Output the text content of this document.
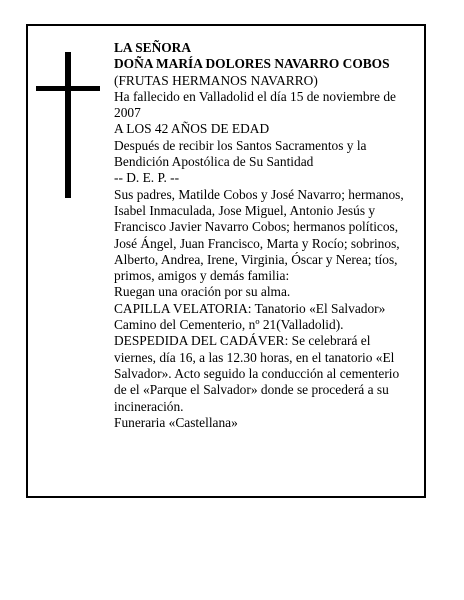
LA SEÑORA
DOÑA MARÍA DOLORES NAVARRO COBOS
(FRUTAS HERMANOS NAVARRO)
Ha fallecido en Valladolid el día 15 de noviembre de 2007
A LOS 42 AÑOS DE EDAD
Después de recibir los Santos Sacramentos y la Bendición Apostólica de Su Santidad
-- D. E. P. --
Sus padres, Matilde Cobos y José Navarro; hermanos, Isabel Inmaculada, Jose Miguel, Antonio Jesús y Francisco Javier Navarro Cobos; hermanos políticos, José Ángel, Juan Francisco, Marta y Rocío; sobrinos, Alberto, Andrea, Irene, Virginia, Óscar y Nerea; tíos, primos, amigos y demás familia:
Ruegan una oración por su alma.
CAPILLA VELATORIA: Tanatorio «El Salvador»
Camino del Cementerio, nº 21(Valladolid).
DESPEDIDA DEL CADÁVER: Se celebrará el viernes, día 16, a las 12.30 horas, en el tanatorio «El Salvador». Acto seguido la conducción al cementerio de el «Parque el Salvador» donde se procederá a su incineración.
Funeraria «Castellana»
